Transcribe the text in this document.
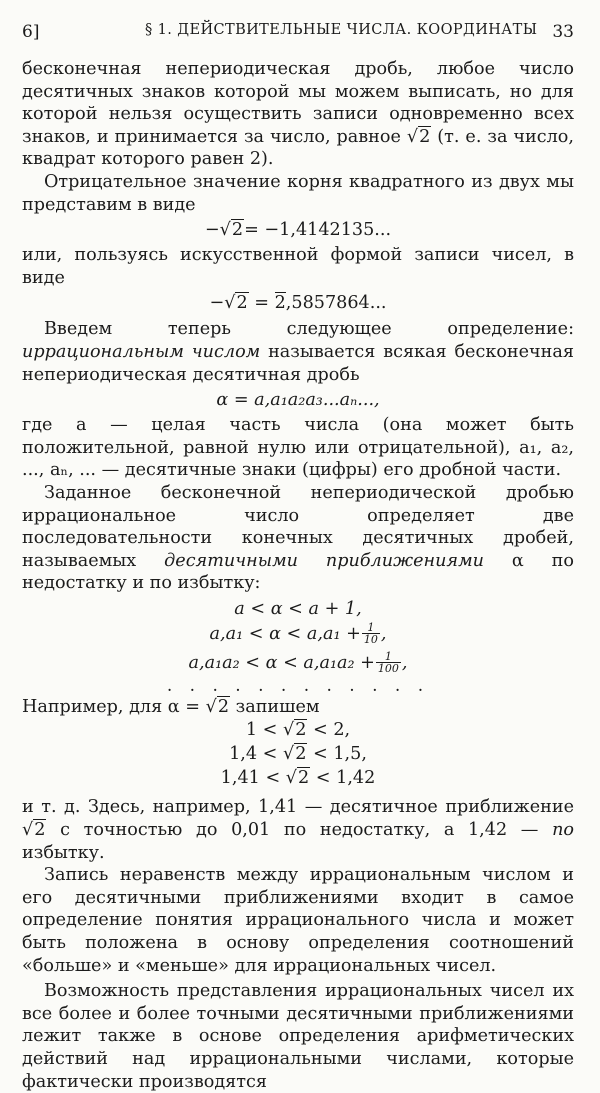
6]	§ 1. ДЕЙСТВИТЕЛЬНЫЕ ЧИСЛА. КООРДИНАТЫ 33

бесконечная непериодическая дробь, любое число десятичных знаков которой мы можем выписать, но для которой нельзя осуществить записи одновременно всех знаков, и принимается за число, равное √2 (т. е. за число, квадрат которого равен 2).

Отрицательное значение корня квадратного из двух мы представим в виде

−√2= −1,4142135...

или, пользуясь искусственной формой записи чисел, в виде

−√2 = 2,5857864...

Введем теперь следующее определение: иррациональным числом называется всякая бесконечная непериодическая десятичная дробь

α = a,a₁a₂a₃...aₙ...,

где a — целая часть числа (она может быть положительной, равной нулю или отрицательной), a₁, a₂, ..., aₙ, ... — десятичные знаки (цифры) его дробной части.

Заданное бесконечной непериодической дробью иррациональное число определяет две последовательности конечных десятичных дробей, называемых десятичными приближениями α по недостатку и по избытку:

a < α < a + 1,
$a,a_1 < \alpha < a,a_1 + \frac{1}{10}$ ,
$a,a_1a_2 < \alpha < a,a_1a_2 + \frac{1}{100}$ ,
. . . . . . . . . . . .

Например, для α = √2 запишем

1 < √2 < 2,
1,4 < √2 < 1,5,
1,41 < √2 < 1,42

и т. д. Здесь, например, 1,41 — десятичное приближение √2 с точностью до 0,01 по недостатку, а 1,42 — по избытку.

Запись неравенств между иррациональным числом и его десятичными приближениями входит в самое определение понятия иррационального числа и может быть положена в основу определения соотношений «больше» и «меньше» для иррациональных чисел.

Возможность представления иррациональных чисел их все более и более точными десятичными приближениями лежит также в основе определения арифметических действий над иррациональными числами, которые фактически производятся
